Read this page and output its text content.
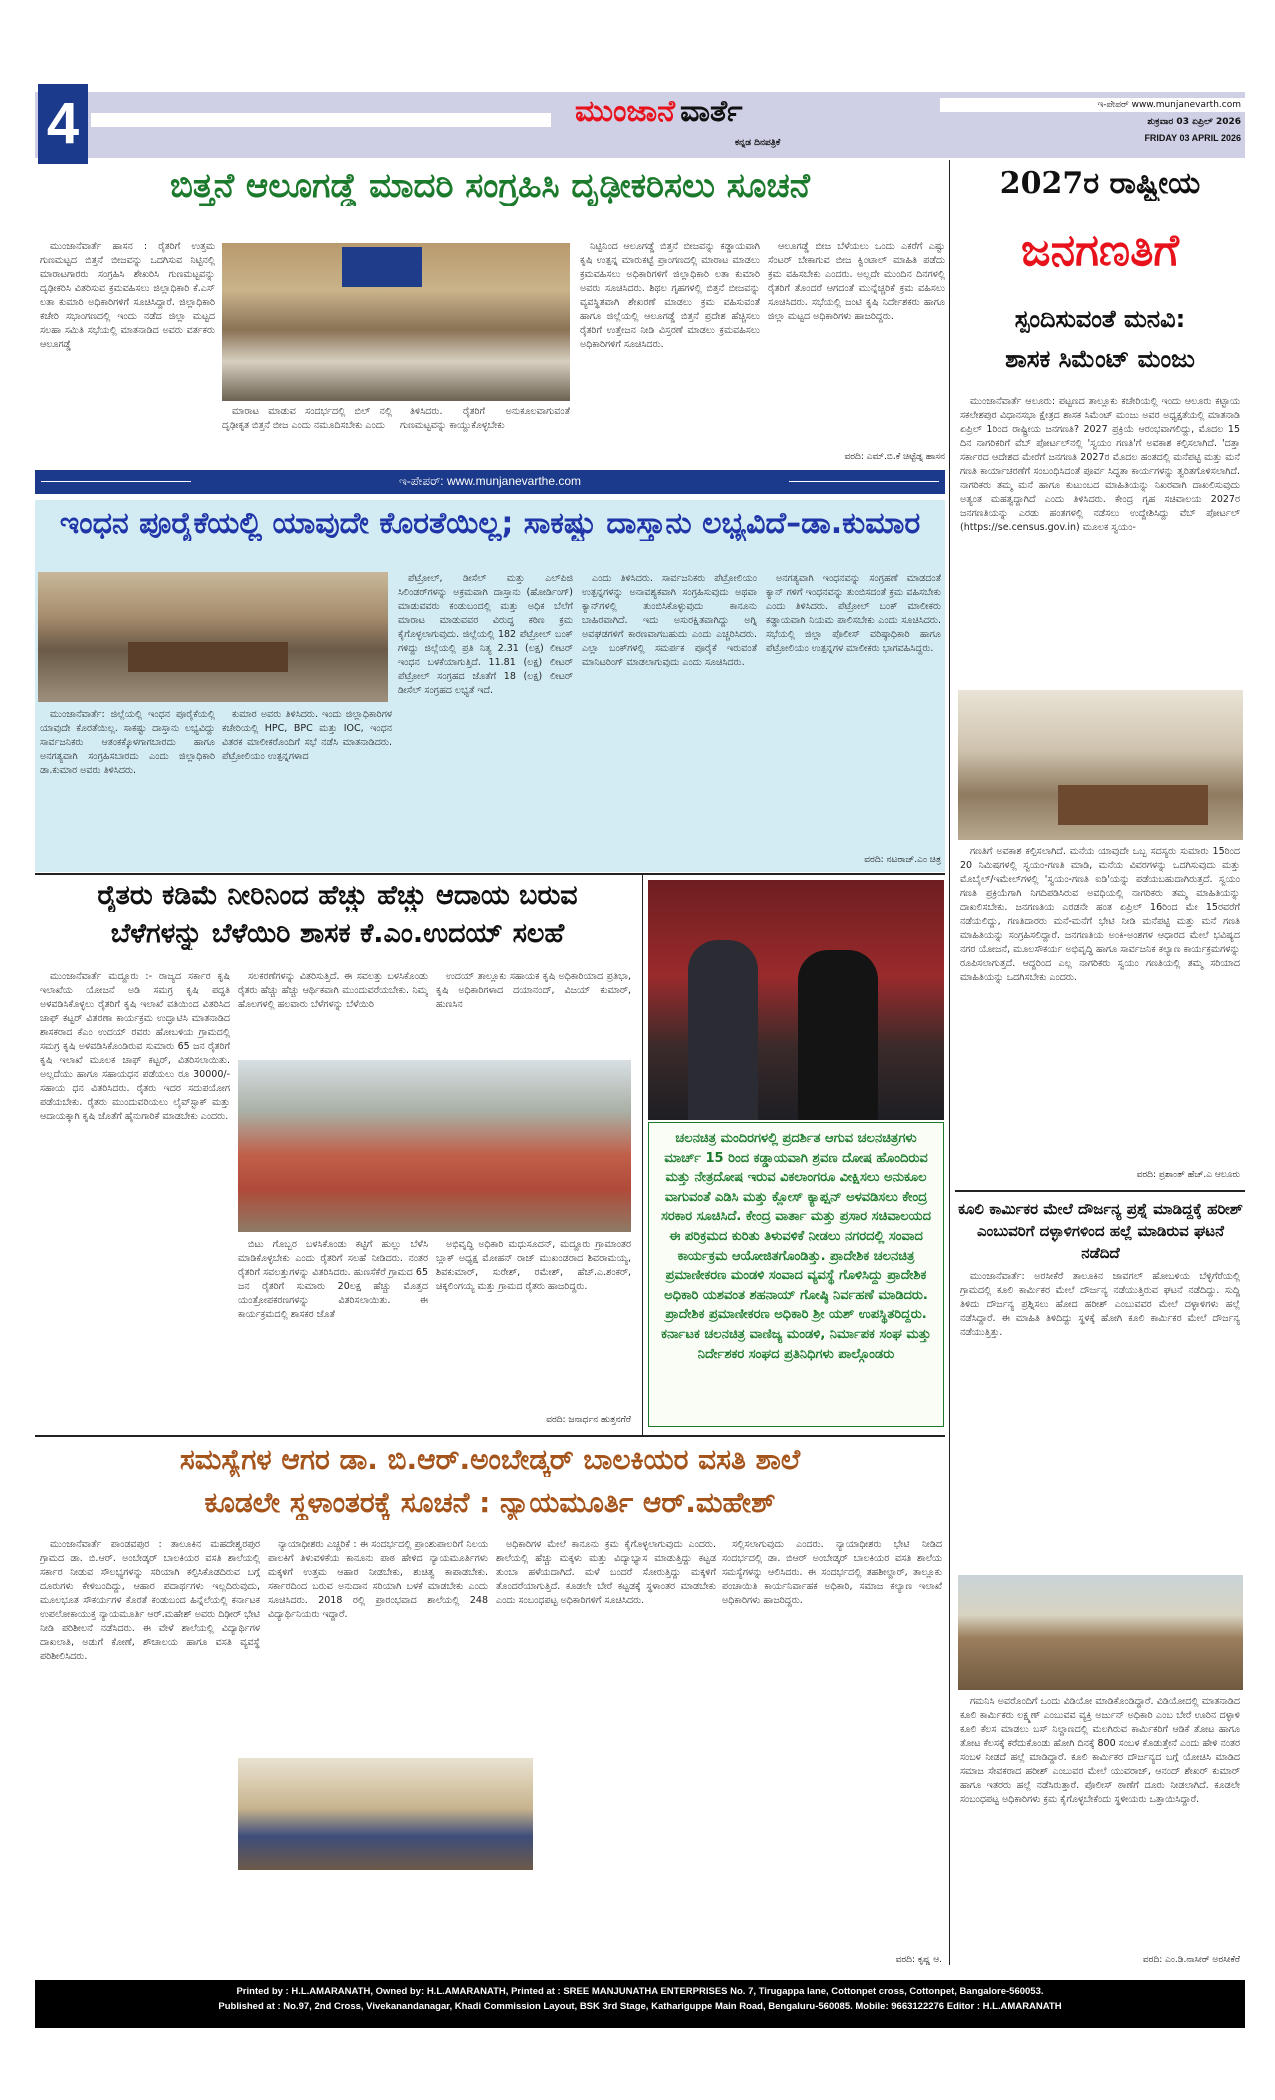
4	ಮುಂಜಾನೆ ವಾರ್ತೆ
ಕನ್ನಡ ದಿನಪತ್ರಿಕೆ
ಇ-ಪೇಪರ್ www.munjanevarth.com
ಶುಕ್ರವಾರ 03 ಏಪ್ರಿಲ್ 2026
FRIDAY 03 APRIL 2026
ಬಿತ್ತನೆ ಆಲೂಗಡ್ಡೆ ಮಾದರಿ ಸಂಗ್ರಹಿಸಿ ದೃಢೀಕರಿಸಲು ಸೂಚನೆ

ಮುಂಜಾನೆವಾರ್ತೆ ಹಾಸನ : ರೈತರಿಗೆ ಉತ್ತಮ ಗುಣಮಟ್ಟದ ಬಿತ್ತನೆ ಬೀಜವನ್ನು ಒದಗಿಸುವ ನಿಟ್ಟಿನಲ್ಲಿ ಮಾರಾಟಗಾರರು ಸಂಗ್ರಹಿಸಿ ಶೇಖರಿಸಿ ಗುಣಮಟ್ಟವನ್ನು ದೃಢೀಕರಿಸಿ ವಿತರಿಸುವ ಕ್ರಮವಹಿಸಲು ಜಿಲ್ಲಾಧಿಕಾರಿ ಕೆ.ಎಸ್ ಲತಾ ಕುಮಾರಿ ಅಧಿಕಾರಿಗಳಿಗೆ ಸೂಚಿಸಿದ್ದಾರೆ. ಜಿಲ್ಲಾಧಿಕಾರಿ ಕಚೇರಿ ಸಭಾಂಗಣದಲ್ಲಿ ಇಂದು ನಡೆದ ಜಿಲ್ಲಾ ಮಟ್ಟದ ಸಲಹಾ ಸಮಿತಿ ಸಭೆಯಲ್ಲಿ ಮಾತನಾಡಿದ ಅವರು ವರ್ತಕರು ಆಲೂಗಡ್ಡೆ

ಮಾರಾಟ ಮಾಡುವ ಸಂದರ್ಭದಲ್ಲಿ ಬಿಲ್ ನಲ್ಲಿ ದೃಢೀಕೃತ ಬಿತ್ತನೆ ಬೀಜ ಎಂದು ನಮೂದಿಸಬೇಕು ಎಂದು

ತಿಳಿಸಿದರು. ರೈತರಿಗೆ ಅನುಕೂಲವಾಗುವಂತೆ ಗುಣಮಟ್ಟವನ್ನು ಕಾಯ್ದುಕೊಳ್ಳಬೇಕು

ನಿಟ್ಟಿನಿಂದ ಆಲೂಗಡ್ಡೆ ಬಿತ್ತನೆ ಬೀಜವನ್ನು ಕಡ್ಡಾಯವಾಗಿ ಕೃಷಿ ಉತ್ಪನ್ನ ಮಾರುಕಟ್ಟೆ ಪ್ರಾಂಗಣದಲ್ಲಿ ಮಾರಾಟ ಮಾಡಲು ಕ್ರಮವಹಿಸಲು ಅಧಿಕಾರಿಗಳಿಗೆ ಜಿಲ್ಲಾಧಿಕಾರಿ ಲತಾ ಕುಮಾರಿ ಅವರು ಸೂಚಿಸಿದರು. ಶಿಥಲ ಗೃಹಗಳಲ್ಲಿ ಬಿತ್ತನೆ ಬೀಜವನ್ನು ವ್ಯವಸ್ಥಿತವಾಗಿ ಶೇಖರಣೆ ಮಾಡಲು ಕ್ರಮ ವಹಿಸುವಂತೆ ಹಾಗೂ ಜಿಲ್ಲೆಯಲ್ಲಿ ಆಲೂಗಡ್ಡೆ ಬಿತ್ತನೆ ಪ್ರದೇಶ ಹೆಚ್ಚಿಸಲು ರೈತರಿಗೆ ಉತ್ತೇಜನ ನೀಡಿ ವಿಸ್ತರಣೆ ಮಾಡಲು ಕ್ರಮವಹಿಸಲು ಅಧಿಕಾರಿಗಳಿಗೆ ಸೂಚಿಸಿದರು.

ಆಲೂಗಡ್ಡೆ ಬೀಜ ಬೆಳೆಯಲು ಒಂದು ಎಕರೆಗೆ ಎಷ್ಟು ಸೆಂಟರ್ ಬೇಕಾಗುವ ಬೀಜ ಕ್ವಿಂಟಾಲ್ ಮಾಹಿತಿ ಪಡೆದು ಕ್ರಮ ವಹಿಸಬೇಕು ಎಂದರು. ಅಲ್ಲದೇ ಮುಂದಿನ ದಿನಗಳಲ್ಲಿ ರೈತರಿಗೆ ತೊಂದರೆ ಆಗದಂತೆ ಮುನ್ನೆಚ್ಚರಿಕೆ ಕ್ರಮ ವಹಿಸಲು ಸೂಚಿಸಿದರು. ಸಭೆಯಲ್ಲಿ ಜಂಟಿ ಕೃಷಿ ನಿರ್ದೇಶಕರು ಹಾಗೂ ಜಿಲ್ಲಾ ಮಟ್ಟದ ಅಧಿಕಾರಿಗಳು ಹಾಜರಿದ್ದರು.

ವರದಿ: ಎಮ್.ಬಿ.ಕೆ ಚಿಟ್ಟೆಡ್ನ ಹಾಸನ
ಇ-ಪೇಪರ್: www.munjanevarthe.com
ಇಂಧನ ಪೂರೈಕೆಯಲ್ಲಿ ಯಾವುದೇ ಕೊರತೆಯಿಲ್ಲ; ಸಾಕಷ್ಟು ದಾಸ್ತಾನು ಲಭ್ಯವಿದೆ–ಡಾ.ಕುಮಾರ

ಮುಂಜಾನೆವಾರ್ತೆ: ಜಿಲ್ಲೆಯಲ್ಲಿ ಇಂಧನ ಪೂರೈಕೆಯಲ್ಲಿ ಯಾವುದೇ ಕೊರತೆಯಿಲ್ಲ. ಸಾಕಷ್ಟು ದಾಸ್ತಾನು ಲಭ್ಯವಿದ್ದು ಸಾರ್ವಜನಿಕರು ಆತಂಕಕ್ಕೊಳಗಾಗಬಾರದು ಹಾಗೂ ಅನಗತ್ಯವಾಗಿ ಸಂಗ್ರಹಿಸಬಾರದು ಎಂದು ಜಿಲ್ಲಾಧಿಕಾರಿ ಡಾ.ಕುಮಾರ ಅವರು ತಿಳಿಸಿದರು.

ಕುಮಾರ ಅವರು ತಿಳಿಸಿದರು. ಇಂದು ಜಿಲ್ಲಾಧಿಕಾರಿಗಳ ಕಚೇರಿಯಲ್ಲಿ HPC, BPC ಮತ್ತು IOC, ಇಂಧನ ವಿತರಕ ಮಾಲೀಕರೊಂದಿಗೆ ಸಭೆ ನಡೆಸಿ ಮಾತನಾಡಿದರು. ಪೆಟ್ರೋಲಿಯಂ ಉತ್ಪನ್ನಗಳಾದ

ಪೆಟ್ರೋಲ್, ಡೀಸೆಲ್ ಮತ್ತು ಎಲ್‌ಪಿಜಿ ಸಿಲಿಂಡರ್‌ಗಳನ್ನು ಅಕ್ರಮವಾಗಿ ದಾಸ್ತಾನು (ಹೋರ್ಡಿಂಗ್) ಮಾಡುವವರು ಕಂಡುಬಂದಲ್ಲಿ ಮತ್ತು ಅಧಿಕ ಬೆಲೆಗೆ ಮಾರಾಟ ಮಾಡುವವರ ವಿರುದ್ಧ ಕಠಿಣ ಕ್ರಮ ಕೈಗೊಳ್ಳಲಾಗುವುದು. ಜಿಲ್ಲೆಯಲ್ಲಿ 182 ಪೆಟ್ರೋಲ್ ಬಂಕ್ ಗಳಿದ್ದು ಜಿಲ್ಲೆಯಲ್ಲಿ ಪ್ರತಿ ನಿತ್ಯ 2.31 (ಲಕ್ಷ) ಲೀಟರ್ ಇಂಧನ ಬಳಕೆಯಾಗುತ್ತಿದೆ. 11.81 (ಲಕ್ಷ) ಲೀಟರ್ ಪೆಟ್ರೋಲ್ ಸಂಗ್ರಹದ ಜೊತೆಗೆ 18 (ಲಕ್ಷ) ಲೀಟರ್ ಡೀಸೆಲ್ ಸಂಗ್ರಹದ ಲಭ್ಯತೆ ಇದೆ.

ಎಂದು ತಿಳಿಸಿದರು. ಸಾರ್ವಜನಿಕರು ಪೆಟ್ರೋಲಿಯಂ ಉತ್ಪನ್ನಗಳನ್ನು ಅನಾವಶ್ಯಕವಾಗಿ ಸಂಗ್ರಹಿಸುವುದು ಅಥವಾ ಕ್ಯಾನ್‌ಗಳಲ್ಲಿ ತುಂಬಿಸಿಕೊಳ್ಳುವುದು ಕಾನೂನು ಬಾಹಿರವಾಗಿದೆ. ಇದು ಅಸುರಕ್ಷಿತವಾಗಿದ್ದು ಅಗ್ನಿ ಅವಘಡಗಳಿಗೆ ಕಾರಣವಾಗಬಹುದು ಎಂದು ಎಚ್ಚರಿಸಿದರು. ಎಲ್ಲಾ ಬಂಕ್‌ಗಳಲ್ಲಿ ಸಮರ್ಪಕ ಪೂರೈಕೆ ಇರುವಂತೆ ಮಾನಿಟರಿಂಗ್ ಮಾಡಲಾಗುವುದು ಎಂದು ಸೂಚಿಸಿದರು.

ಅನಗತ್ಯವಾಗಿ ಇಂಧನವನ್ನು ಸಂಗ್ರಹಣೆ ಮಾಡದಂತೆ ಕ್ಯಾನ್ ಗಳಿಗೆ ಇಂಧನವನ್ನು ತುಂಬಿಸದಂತೆ ಕ್ರಮ ವಹಿಸಬೇಕು ಎಂದು ತಿಳಿಸಿದರು. ಪೆಟ್ರೋಲ್ ಬಂಕ್ ಮಾಲೀಕರು ಕಡ್ಡಾಯವಾಗಿ ನಿಯಮ ಪಾಲಿಸಬೇಕು ಎಂದು ಸೂಚಿಸಿದರು. ಸಭೆಯಲ್ಲಿ ಜಿಲ್ಲಾ ಪೊಲೀಸ್ ವರಿಷ್ಠಾಧಿಕಾರಿ ಹಾಗೂ ಪೆಟ್ರೋಲಿಯಂ ಉತ್ಪನ್ನಗಳ ಮಾಲೀಕರು ಭಾಗವಹಿಸಿದ್ದರು.

ವರದಿ: ನಟರಾಜ್.ಎಂ ಚಿತ್ರ
2027ರ ರಾಷ್ಟ್ರೀಯ
ಜನಗಣತಿಗೆ
ಸ್ಪಂದಿಸುವಂತೆ ಮನವಿ:
ಶಾಸಕ ಸಿಮೆಂಟ್ ಮಂಜು

ಮುಂಜಾನೆವಾರ್ತೆ ಆಲೂರು: ಪಟ್ಟಣದ ತಾಲ್ಲೂಕು ಕಚೇರಿಯಲ್ಲಿ ಇಂದು ಆಲೂರು ಕಟ್ಟಾಯ ಸಕಲೇಶಪುರ ವಿಧಾನಸಭಾ ಕ್ಷೇತ್ರದ ಶಾಸಕ ಸಿಮೆಂಟ್ ಮಂಜು ಅವರ ಅಧ್ಯಕ್ಷತೆಯಲ್ಲಿ ಮಾತನಾಡಿ ಏಪ್ರಿಲ್ 1ರಿಂದ ರಾಷ್ಟ್ರೀಯ ಜನಗಣತಿ? 2027 ಪ್ರಕ್ರಿಯೆ ಆರಂಭವಾಗಲಿದ್ದು, ಮೊದಲ 15 ದಿನ ನಾಗರಿಕರಿಗೆ ವೆಬ್ ಪೋರ್ಟಲ್‌ನಲ್ಲಿ 'ಸ್ವಯಂ ಗಣತಿ'ಗೆ ಅವಕಾಶ ಕಲ್ಪಿಸಲಾಗಿದೆ. 'ದತ್ತಾ ಸರ್ಕಾರದ ಆದೇಶದ ಮೇರೆಗೆ ಜನಗಣತಿ 2027ರ ಮೊದಲ ಹಂತದಲ್ಲಿ ಮನೆಪಟ್ಟಿ ಮತ್ತು ಮನೆ ಗಣತಿ ಕಾರ್ಯಾಚರಣೆಗೆ ಸಂಬಂಧಿಸಿದಂತೆ ಪೂರ್ವ ಸಿದ್ಧತಾ ಕಾರ್ಯಗಳನ್ನು ತ್ವರಿತಗೊಳಿಸಲಾಗಿದೆ. ನಾಗರಿಕರು ತಮ್ಮ ಮನೆ ಹಾಗೂ ಕುಟುಂಬದ ಮಾಹಿತಿಯನ್ನು ನಿಖರವಾಗಿ ದಾಖಲಿಸುವುದು ಅತ್ಯಂತ ಮಹತ್ವದ್ದಾಗಿದೆ ಎಂದು ತಿಳಿಸಿದರು. ಕೇಂದ್ರ ಗೃಹ ಸಚಿವಾಲಯ 2027ರ ಜನಗಣತಿಯನ್ನು ಎರಡು ಹಂತಗಳಲ್ಲಿ ನಡೆಸಲು ಉದ್ದೇಶಿಸಿದ್ದು ವೆಬ್ ಪೋರ್ಟಲ್ (https://se.census.gov.in) ಮೂಲಕ ಸ್ವಯಂ-

ಗಣತಿಗೆ ಅವಕಾಶ ಕಲ್ಪಿಸಲಾಗಿದೆ. ಮನೆಯ ಯಾವುದೇ ಒಬ್ಬ ಸದಸ್ಯರು ಸುಮಾರು 15ರಿಂದ 20 ನಿಮಿಷಗಳಲ್ಲಿ ಸ್ವಯಂ-ಗಣತಿ ಮಾಡಿ, ಮನೆಯ ವಿವರಗಳನ್ನು ಒದಗಿಸುವುದು ಮತ್ತು ಮೊಬೈಲ್/ಇಮೇಲ್‌ಗಳಲ್ಲಿ 'ಸ್ವಯಂ-ಗಣತಿ ಐಡಿ'ಯನ್ನು ಪಡೆಯಬಹುದಾಗಿರುತ್ತದೆ. ಸ್ವಯಂ ಗಣತಿ ಪ್ರಕ್ರಿಯೆಗಾಗಿ ನಿಗದಿಪಡಿಸಿರುವ ಅವಧಿಯಲ್ಲಿ ನಾಗರಿಕರು ತಮ್ಮ ಮಾಹಿತಿಯನ್ನು ದಾಖಲಿಸಬೇಕು. ಜನಗಣತಿಯ ಎರಡನೇ ಹಂತ ಏಪ್ರಿಲ್ 16ರಿಂದ ಮೇ 15ರವರೆಗೆ ನಡೆಯಲಿದ್ದು, ಗಣತಿದಾರರು ಮನೆ-ಮನೆಗೆ ಭೇಟಿ ನೀಡಿ ಮನೆಪಟ್ಟಿ ಮತ್ತು ಮನೆ ಗಣತಿ ಮಾಹಿತಿಯನ್ನು ಸಂಗ್ರಹಿಸಲಿದ್ದಾರೆ. ಜನಗಣತಿಯ ಅಂಕಿ-ಅಂಶಗಳ ಆಧಾರದ ಮೇಲೆ ಭವಿಷ್ಯದ ನಗರ ಯೋಜನೆ, ಮೂಲಸೌಕರ್ಯ ಅಭಿವೃದ್ಧಿ ಹಾಗೂ ಸಾರ್ವಜನಿಕ ಕಲ್ಯಾಣ ಕಾರ್ಯಕ್ರಮಗಳನ್ನು ರೂಪಿಸಲಾಗುತ್ತದೆ. ಆದ್ದರಿಂದ ಎಲ್ಲ ನಾಗರಿಕರು ಸ್ವಯಂ ಗಣತಿಯಲ್ಲಿ ತಮ್ಮ ಸರಿಯಾದ ಮಾಹಿತಿಯನ್ನು ಒದಗಿಸಬೇಕು ಎಂದರು.

ವರದಿ: ಪ್ರಶಾಂತ್ ಹೆಚ್.ಎ ಆಲೂರು
ಕೂಲಿ ಕಾರ್ಮಿಕರ ಮೇಲೆ ದೌರ್ಜನ್ಯ ಪ್ರಶ್ನೆ ಮಾಡಿದ್ದಕ್ಕೆ ಹರೀಶ್ ಎಂಬುವರಿಗೆ ದಳ್ಳಾಳಿಗಳಿಂದ ಹಲ್ಲೆ ಮಾಡಿರುವ ಘಟನೆ ನಡೆದಿದೆ

ಮುಂಜಾನೆವಾರ್ತೆ: ಅರಸೀಕೆರೆ ತಾಲೂಕಿನ ಜಾವಗಲ್ ಹೋಬಳಿಯ ಬೆಳ್ಳಿಗೆರೆಯಲ್ಲಿ ಗ್ರಾಮದಲ್ಲಿ ಕೂಲಿ ಕಾರ್ಮಿಕರ ಮೇಲೆ ದೌರ್ಜನ್ಯ ನಡೆಯುತ್ತಿರುವ ಘಟನೆ ನಡೆದಿದ್ದು. ಸುದ್ದಿ ತಿಳಿದು ದೌರ್ಜನ್ಯ ಪ್ರಶ್ನಿಸಲು ಹೋದ ಹರೀಶ್ ಎಂಬುವವರ ಮೇಲೆ ದಳ್ಳಾಳಿಗಳು ಹಲ್ಲೆ ನಡೆಸಿದ್ದಾರೆ. ಈ ಮಾಹಿತಿ ತಿಳಿದಿದ್ದು ಸ್ಥಳಕ್ಕೆ ಹೋಗಿ ಕೂಲಿ ಕಾರ್ಮಿಕರ ಮೇಲೆ ದೌರ್ಜನ್ಯ ನಡೆಯುತ್ತಿತ್ತು.

ಗಮನಿಸಿ ಅವರೊಂದಿಗೆ ಒಂದು ವಿಡಿಯೋ ಮಾಡಿಕೊಂಡಿದ್ದಾರೆ. ವಿಡಿಯೋದಲ್ಲಿ ಮಾತನಾಡಿದ ಕೂಲಿ ಕಾರ್ಮಿಕರು ಲಕ್ಷ್ಮಣ್ ಎಂಬುವವ ವ್ಯಕ್ತಿ ಅರ್ಜುನ್ ಅಧಿಕಾರಿ ಎಂಬ ಬೇರೆ ಊರಿನ ದಳ್ಳಾಳಿ ಕೂಲಿ ಕೆಲಸ ಮಾಡಲು ಬಸ್ ನಿಲ್ದಾಣದಲ್ಲಿ ಮಲಗಿರುವ ಕಾರ್ಮಿಕರಿಗೆ ಆಡಿಕೆ ತೋಟ ಹಾಗೂ ತೋಟ ಕೆಲಸಕ್ಕೆ ಕರೆದುಕೊಂಡು ಹೋಗಿ ದಿನಕ್ಕೆ 800 ಸಂಬಳ ಕೊಡುತ್ತೇನೆ ಎಂದು ಹೇಳಿ ನಂತರ ಸಂಬಳ ನೀಡದೆ ಹಲ್ಲೆ ಮಾಡಿದ್ದಾರೆ. ಕೂಲಿ ಕಾರ್ಮಿಕರ ದೌರ್ಜನ್ಯದ ಬಗ್ಗೆ ಯೋಚಿಸಿ ಮಾಡಿದ ಸಮಾಜ ಸೇವಕರಾದ ಹರೀಶ್ ಎಂಬುವರ ಮೇಲೆ ಯುವರಾಜ್, ಆನಂದ್ ಶೇಖರ್ ಕುಮಾರ್ ಹಾಗೂ ಇತರರು ಹಲ್ಲೆ ನಡೆಸಿರುತ್ತಾರೆ. ಪೊಲೀಸ್ ಠಾಣೆಗೆ ದೂರು ನೀಡಲಾಗಿದೆ. ಕೂಡಲೇ ಸಂಬಂಧಪಟ್ಟ ಅಧಿಕಾರಿಗಳು ಕ್ರಮ ಕೈಗೊಳ್ಳಬೇಕೆಂದು ಸ್ಥಳೀಯರು ಒತ್ತಾಯಿಸಿದ್ದಾರೆ.

ವರದಿ: ಎಂ.ಡಿ.ನಾಸೀರ್ ಅರಸೀಕೆರೆ
ರೈತರು ಕಡಿಮೆ ನೀರಿನಿಂದ ಹೆಚ್ಚು ಹೆಚ್ಚು ಆದಾಯ ಬರುವ
ಬೆಳೆಗಳನ್ನು ಬೆಳೆಯಿರಿ ಶಾಸಕ ಕೆ.ಎಂ.ಉದಯ್ ಸಲಹೆ

ಮುಂಜಾನೆವಾರ್ತೆ ಮದ್ದೂರು :- ರಾಜ್ಯದ ಸರ್ಕಾರ ಕೃಷಿ ಇಲಾಖೆಯ ಯೋಜನೆ ಅಡಿ ಸಮಗ್ರ ಕೃಷಿ ಪದ್ಧತಿ ಅಳವಡಿಸಿಕೊಳ್ಳಲು ರೈತರಿಗೆ ಕೃಷಿ ಇಲಾಖೆ ವತಿಯಿಂದ ವಿತರಿಸಿದ ಚಾಫ್ ಕಟ್ಟರ್ ವಿತರಣಾ ಕಾರ್ಯಕ್ರಮ ಉದ್ಘಾಟಿಸಿ ಮಾತನಾಡಿದ ಶಾಸಕರಾದ ಕೆಎಂ ಉದಯ್ ರವರು ಹೋಬಳಿಯ ಗ್ರಾಮದಲ್ಲಿ ಸಮಗ್ರ ಕೃಷಿ ಅಳವಡಿಸಿಕೊಂಡಿರುವ ಸುಮಾರು 65 ಜನ ರೈತರಿಗೆ ಕೃಷಿ ಇಲಾಖೆ ಮೂಲಕ ಚಾಫ್ ಕಟ್ಟರ್, ವಿತರಿಸಲಾಯಿತು. ಅಲ್ಲದೆಯು ಹಾಗೂ ಸಹಾಯಧನ ಪಡೆಯಲು ರೂ 30000/- ಸಹಾಯ ಧನ ವಿತರಿಸಿದರು. ರೈತರು ಇದರ ಸದುಪಯೋಗ ಪಡೆಯಬೇಕು. ರೈತರು ಮುಂದುವರಿಯಲು ಲೈವ್‌ಸ್ಟಾಕ್ ಮತ್ತು ಆದಾಯಕ್ಕಾಗಿ ಕೃಷಿ ಜೊತೆಗೆ ಹೈನುಗಾರಿಕೆ ಮಾಡಬೇಕು ಎಂದರು.

ಸಲಕರಣೆಗಳನ್ನು ವಿತರಿಸುತ್ತಿದೆ. ಈ ಸವಲತ್ತು ಬಳಸಿಕೊಂಡು ರೈತರು ಹೆಚ್ಚು ಹೆಚ್ಚು ಆರ್ಥಿಕವಾಗಿ ಮುಂದುವರೆಯಬೇಕು. ನಿಮ್ಮ ಹೊಲಗಳಲ್ಲಿ ಹಲವಾರು ಬೆಳೆಗಳನ್ನು ಬೆಳೆಯಿರಿ

ಉದಯ್ ತಾಲ್ಲೂಕು ಸಹಾಯಕ ಕೃಷಿ ಅಧಿಕಾರಿಯಾದ ಪ್ರತಿಭಾ, ಕೃಷಿ ಅಧಿಕಾರಿಗಳಾದ ದಯಾನಂದ್, ವಿಜಯ್ ಕುಮಾರ್, ಹುಣಸಿನ

ಬಿಟು ಗೊಬ್ಬರ ಬಳಸಿಕೊಂಡು ಕಟ್ಟಿಗೆ ಹುಲ್ಲು ಬೆಳೆಸಿ ಮಾಡಿಕೊಳ್ಳಬೇಕು ಎಂದು ರೈತರಿಗೆ ಸಲಹೆ ನೀಡಿದರು. ನಂತರ ರೈತರಿಗೆ ಸವಲತ್ತುಗಳನ್ನು ವಿತರಿಸಿದರು. ಹುಣಸೆಕೆರೆ ಗ್ರಾಮದ 65 ಜನ ರೈತರಿಗೆ ಸುಮಾರು 20ಲಕ್ಷ ಹೆಚ್ಚು ಮೊತ್ತದ ಯಂತ್ರೋಪಕರಣಗಳನ್ನು ವಿತರಿಸಲಾಯಿತು. ಈ ಕಾರ್ಯಕ್ರಮದಲ್ಲಿ ಶಾಸಕರ ಜೊತೆ

ಅಭಿವೃದ್ಧಿ ಅಧಿಕಾರಿ ಮಧುಸೂದನ್, ಮದ್ದೂರು ಗ್ರಾಮಾಂತರ ಬ್ಲಾಕ್ ಅಧ್ಯಕ್ಷ ಮೋಹನ್ ರಾಜ್ ಮುಖಂಡರಾದ ಶಿವರಾಮಯ್ಯ, ಶಿವಕುಮಾರ್, ಸುರೇಶ್, ರಮೇಶ್, ಹೆಚ್.ಎ.ಶಂಕರ್, ಚಿಕ್ಕಲಿಂಗಯ್ಯ ಮತ್ತು ಗ್ರಾಮದ ರೈತರು ಹಾಜರಿದ್ದರು.

ವರದಿ: ಜನಾರ್ಧನ ಹುತ್ತನಗೆರೆ
ಚಲನಚಿತ್ರ ಮಂದಿರಗಳಲ್ಲಿ ಪ್ರದರ್ಶಿತ ಆಗುವ ಚಲನಚಿತ್ರಗಳು ಮಾರ್ಚ್ 15 ರಿಂದ ಕಡ್ಡಾಯವಾಗಿ ಶ್ರವಣ ದೋಷ ಹೊಂದಿರುವ ಮತ್ತು ನೇತ್ರದೋಷ ಇರುವ ವಿಕಲಾಂಗರೂ ವೀಕ್ಷಿಸಲು ಅನುಕೂಲ ವಾಗುವಂತೆ ಎಡಿಸಿ ಮತ್ತು ಕ್ಲೋಸ್ ಕ್ಯಾಪ್ಷನ್ ಅಳವಡಿಸಲು ಕೇಂದ್ರ ಸರಕಾರ ಸೂಚಿಸಿದೆ. ಕೇಂದ್ರ ವಾರ್ತಾ ಮತ್ತು ಪ್ರಸಾರ ಸಚಿವಾಲಯದ ಈ ಪರಿಕ್ರಮದ ಕುರಿತು ತಿಳುವಳಿಕೆ ನೀಡಲು ನಗರದಲ್ಲಿ ಸಂವಾದ ಕಾರ್ಯಕ್ರಮ ಆಯೋಜಿತಗೊಂಡಿತ್ತು. ಪ್ರಾದೇಶಿಕ ಚಲನಚಿತ್ರ ಪ್ರಮಾಣೀಕರಣ ಮಂಡಳಿ ಸಂವಾದ ವ್ಯವಸ್ಥೆ ಗೊಳಿಸಿದ್ದು ಪ್ರಾದೇಶಿಕ ಅಧಿಕಾರಿ ಯಶವಂತ ಶಹನಾಯ್ ಗೋಷ್ಠಿ ನಿರ್ವಹಣೆ ಮಾಡಿದರು. ಪ್ರಾದೇಶಿಕ ಪ್ರಮಾಣೀಕರಣ ಅಧಿಕಾರಿ ಶ್ರೀ ಯಶ್ ಉಪಸ್ಥಿತರಿದ್ದರು. ಕರ್ನಾಟಕ ಚಲನಚಿತ್ರ ವಾಣಿಜ್ಯ ಮಂಡಳಿ, ನಿರ್ಮಾಪಕ ಸಂಘ ಮತ್ತು ನಿರ್ದೇಶಕರ ಸಂಘದ ಪ್ರತಿನಿಧಿಗಳು ಪಾಲ್ಗೊಂಡರು
ಸಮಸ್ಯೆಗಳ ಆಗರ ಡಾ. ಬಿ.ಆರ್.ಅಂಬೇಡ್ಕರ್ ಬಾಲಕಿಯರ ವಸತಿ ಶಾಲೆ
ಕೂಡಲೇ ಸ್ಥಳಾಂತರಕ್ಕೆ ಸೂಚನೆ : ನ್ಯಾಯಮೂರ್ತಿ ಆರ್.ಮಹೇಶ್

ಮುಂಜಾನೆವಾರ್ತೆ ಪಾಂಡವಪುರ : ತಾಲೂಕಿನ ಮಹದೇಶ್ವರಪುರ ಗ್ರಾಮದ ಡಾ. ಬಿ.ಆರ್. ಅಂಬೇಡ್ಕರ್ ಬಾಲಕಿಯರ ವಸತಿ ಶಾಲೆಯಲ್ಲಿ ಸರ್ಕಾರ ನೀಡುವ ಸೌಲಭ್ಯಗಳನ್ನು ಸರಿಯಾಗಿ ಕಲ್ಪಿಸಿಕೊಡದಿರುವ ಬಗ್ಗೆ ದೂರುಗಳು ಕೇಳಿಬಂದಿದ್ದು, ಆಹಾರ ಪದಾರ್ಥಗಳು ಇಲ್ಲದಿರುವುದು, ಮೂಲಭೂತ ಸೌಕರ್ಯಗಳ ಕೊರತೆ ಕಂಡುಬಂದ ಹಿನ್ನೆಲೆಯಲ್ಲಿ ಕರ್ನಾಟಕ ಉಪಲೋಕಾಯುಕ್ತ ನ್ಯಾಯಮೂರ್ತಿ ಆರ್.ಮಹೇಶ್ ಅವರು ದಿಢೀರ್ ಭೇಟಿ ನೀಡಿ ಪರಿಶೀಲನೆ ನಡೆಸಿದರು. ಈ ವೇಳೆ ಶಾಲೆಯಲ್ಲಿ ವಿದ್ಯಾರ್ಥಿಗಳ ದಾಖಲಾತಿ, ಅಡುಗೆ ಕೋಣೆ, ಶೌಚಾಲಯ ಹಾಗೂ ವಸತಿ ವ್ಯವಸ್ಥೆ ಪರಿಶೀಲಿಸಿದರು.

ನ್ಯಾಯಾಧೀಶರು ಎಚ್ಚರಿಕೆ : ಈ ಸಂದರ್ಭದಲ್ಲಿ ಪ್ರಾಂಶುಪಾಲರಿಗೆ ನಿಲಯ ಪಾಲಕಿಗೆ ತಿಳುವಳಿಕೆಯ ಕಾನೂನು ಪಾಠ ಹೇಳಿದ ನ್ಯಾಯಮೂರ್ತಿಗಳು ಮಕ್ಕಳಿಗೆ ಉತ್ತಮ ಆಹಾರ ನೀಡಬೇಕು, ಶುಚಿತ್ವ ಕಾಪಾಡಬೇಕು. ಸರ್ಕಾರದಿಂದ ಬರುವ ಅನುದಾನ ಸರಿಯಾಗಿ ಬಳಕೆ ಮಾಡಬೇಕು ಎಂದು ಸೂಚಿಸಿದರು. 2018 ರಲ್ಲಿ ಪ್ರಾರಂಭವಾದ ಶಾಲೆಯಲ್ಲಿ 248 ವಿದ್ಯಾರ್ಥಿನಿಯರು ಇದ್ದಾರೆ.

ಅಧಿಕಾರಿಗಳ ಮೇಲೆ ಕಾನೂನು ಕ್ರಮ ಕೈಗೊಳ್ಳಲಾಗುವುದು ಎಂದರು. ಶಾಲೆಯಲ್ಲಿ ಹೆಚ್ಚು ಮಕ್ಕಳು ಮತ್ತು ವಿದ್ಯಾಭ್ಯಾಸ ಮಾಡುತ್ತಿದ್ದು ಕಟ್ಟಡ ತುಂಬಾ ಹಳೆಯದಾಗಿದೆ. ಮಳೆ ಬಂದರೆ ಸೋರುತ್ತಿದ್ದು ಮಕ್ಕಳಿಗೆ ತೊಂದರೆಯಾಗುತ್ತಿದೆ. ಕೂಡಲೇ ಬೇರೆ ಕಟ್ಟಡಕ್ಕೆ ಸ್ಥಳಾಂತರ ಮಾಡಬೇಕು ಎಂದು ಸಂಬಂಧಪಟ್ಟ ಅಧಿಕಾರಿಗಳಿಗೆ ಸೂಚಿಸಿದರು.

ಸಲ್ಲಿಸಲಾಗುವುದು ಎಂದರು. ನ್ಯಾಯಾಧೀಶರು ಭೇಟಿ ನೀಡಿದ ಸಂದರ್ಭದಲ್ಲಿ ಡಾ. ಬಿಆರ್ ಅಂಬೇಡ್ಕರ್ ಬಾಲಕಿಯರ ವಸತಿ ಶಾಲೆಯ ಸಮಸ್ಯೆಗಳನ್ನು ಆಲಿಸಿದರು. ಈ ಸಂದರ್ಭದಲ್ಲಿ ತಹಶೀಲ್ದಾರ್, ತಾಲ್ಲೂಕು ಪಂಚಾಯಿತಿ ಕಾರ್ಯನಿರ್ವಾಹಕ ಅಧಿಕಾರಿ, ಸಮಾಜ ಕಲ್ಯಾಣ ಇಲಾಖೆ ಅಧಿಕಾರಿಗಳು ಹಾಜರಿದ್ದರು.

ವರದಿ: ಕೃಷ್ಣ ಆ.
Printed by : H.L.AMARANATH, Owned by: H.L.AMARANATH, Printed at : SREE MANJUNATHA ENTERPRISES No. 7, Tirugappa lane, Cottonpet cross, Cottonpet, Bangalore-560053.
Published at : No.97, 2nd Cross, Vivekanandanagar, Khadi Commission Layout, BSK 3rd Stage, Kathariguppe Main Road, Bengaluru-560085. Mobile: 9663122276 Editor : H.L.AMARANATH
